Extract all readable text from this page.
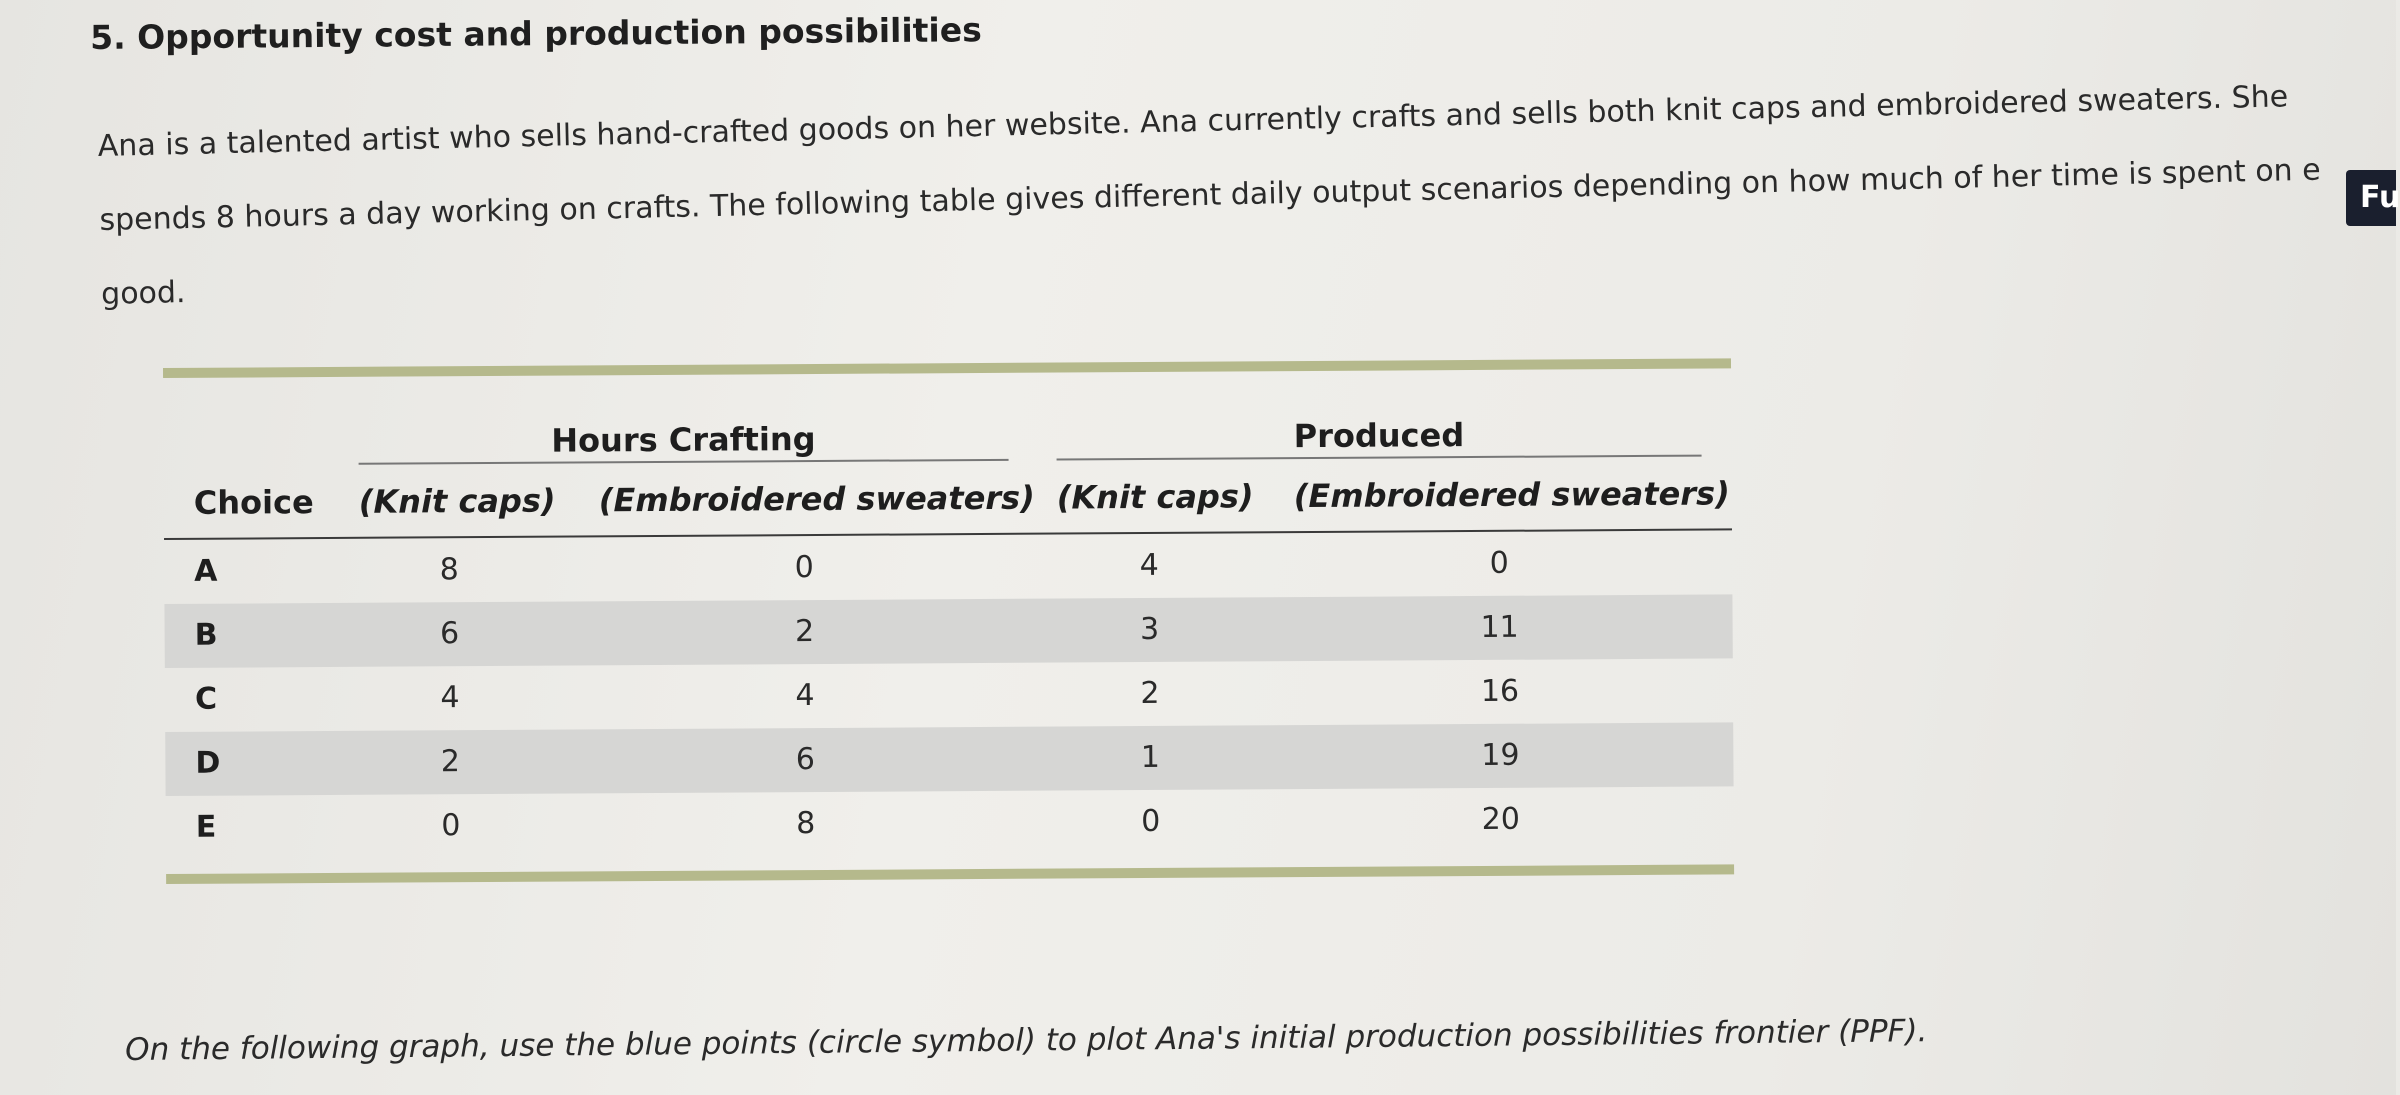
5. Opportunity cost and production possibilities
Ana is a talented artist who sells hand-crafted goods on her website. Ana currently crafts and sells both knit caps and embroidered sweaters. She spends 8 hours a day working on crafts. The following table gives different daily output scenarios depending on how much of her time is spent on e good.
Hours Crafting	Produced
Choice (Knit caps) (Embroidered sweaters) (Knit caps) (Embroidered sweaters)
A	8	0	4	0
B	6	2	3	11
C	4	4	2	16
D	2	6	1	19
E	0	8	0	20
On the following graph, use the blue points (circle symbol) to plot Ana's initial production possibilities frontier (PPF).
Fu
